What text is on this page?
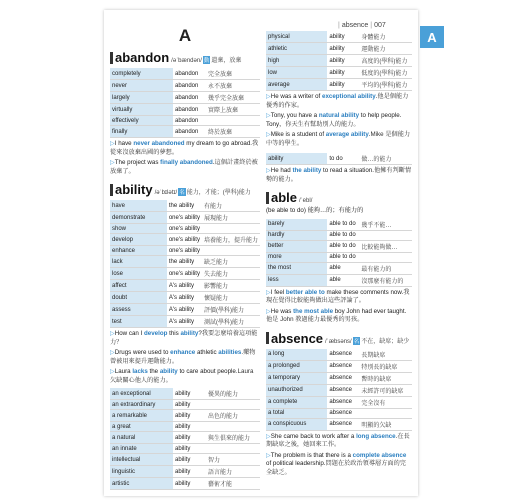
| absence | 007
A
abandon /əˈbændən/ 動 遺棄，放棄
completely	abandon	完全放棄
never	abandon	永不放棄
largely	abandon	幾乎完全放棄
virtually	abandon	實際上放棄
effectively	abandon	
finally	abandon	終於放棄
▷I have never abandoned my dream to go abroad.我從來沒放棄出國的夢想。
▷The project was finally abandoned.這個計畫終於被放棄了。
ability /əˈbɪlətɪ/ 名 能力，才能；(學科)能力
have	the ability	有能力
demonstrate	one's ability	展現能力
show	one's ability	
develop	one's ability	培養能力，提升能力
enhance	one's ability	
lack	the ability	缺乏能力
lose	one's ability	失去能力
affect	A's ability	影響能力
doubt	A's ability	懷疑能力
assess	A's ability	評價(學科)能力
test	A's ability	測試(學科)能力
▷How can I develop this ability?我要怎麼培養這項能力？
▷Drugs were used to enhance athletic abilities.藥物曾被用來提升運動能力。
▷Laura lacks the ability to care about people.Laura 欠缺關心他人的能力。
an exceptional	ability	優異的能力
an extraordinary	ability	
a remarkable	ability	出色的能力
a great	ability	
a natural	ability	與生俱來的能力
an innate	ability	
intellectual	ability	智力
linguistic	ability	語言能力
artistic	ability	藝術才能
physical	ability	身體能力
athletic	ability	運動能力
high	ability	高度的(學科)能力
low	ability	低度的(學科)能力
average	ability	平均的(學科)能力
▷He was a writer of exceptional ability.他是個能力優秀的作家。
▷Tony, you have a natural ability to help people. Tony，你天生有幫助別人的能力。
▷Mike is a student of average ability.Mike 是個能力中等的學生。
ability	to do	做…的能力
▷He had the ability to read a situation.他擁有判斷情勢的能力。
able /ˈebl/
(be able to do) 能夠…的；有能力的
barely	able to do	幾乎不能…
hardly	able to do	
better	able to do	比較能夠做…
more	able to do	
the most	able	最有能力的
less	able	沒那麼有能力的
▷I feel better able to make these comments now.我現在覺得比較能夠做出這些評論了。
▷He was the most able boy John had ever taught.他是 John 教過能力最優秀的男孩。
absence /ˈæbsəns/ 名 不在，缺席；缺少
a long	absence	長期缺席
a prolonged	absence	特別長的缺席
a temporary	absence	暫時的缺席
unauthorized	absence	未經許可的缺席
a complete	absence	完全沒有
a total	absence	
a conspicuous	absence	明顯的欠缺
▷She came back to work after a long absence.在長期缺席之後，她回來工作。
▷The problem is that there is a complete absence of political leadership.問題在於政治領導層方面的完全缺乏。
A
